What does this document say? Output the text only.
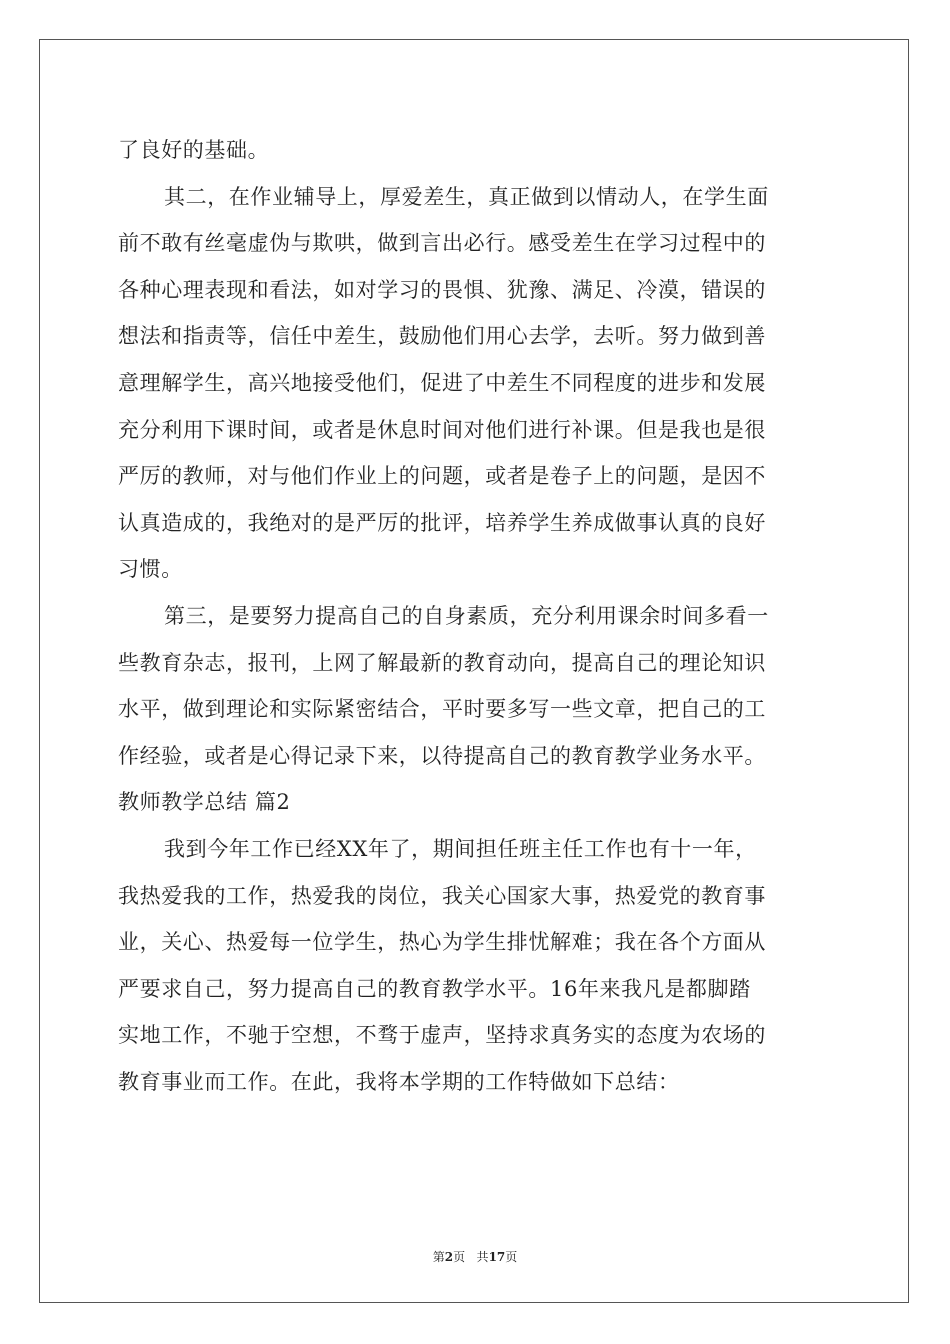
了良好的基础。
其二，在作业辅导上，厚爱差生，真正做到以情动人，在学生面
前不敢有丝毫虚伪与欺哄，做到言出必行。感受差生在学习过程中的
各种心理表现和看法，如对学习的畏惧、犹豫、满足、冷漠，错误的
想法和指责等，信任中差生，鼓励他们用心去学，去听。努力做到善
意理解学生，高兴地接受他们，促进了中差生不同程度的进步和发展
充分利用下课时间，或者是休息时间对他们进行补课。但是我也是很
严厉的教师，对与他们作业上的问题，或者是卷子上的问题，是因不
认真造成的，我绝对的是严厉的批评，培养学生养成做事认真的良好
习惯。
第三，是要努力提高自己的自身素质，充分利用课余时间多看一
些教育杂志，报刊，上网了解最新的教育动向，提高自己的理论知识
水平，做到理论和实际紧密结合，平时要多写一些文章，把自己的工
作经验，或者是心得记录下来，以待提高自己的教育教学业务水平。
教师教学总结 篇2
我到今年工作已经XX年了，期间担任班主任工作也有十一年，
我热爱我的工作，热爱我的岗位，我关心国家大事，热爱党的教育事
业，关心、热爱每一位学生，热心为学生排忧解难；我在各个方面从
严要求自己，努力提高自己的教育教学水平。16年来我凡是都脚踏
实地工作，不驰于空想，不骛于虚声，坚持求真务实的态度为农场的
教育事业而工作。在此，我将本学期的工作特做如下总结：
第2页 共17页
